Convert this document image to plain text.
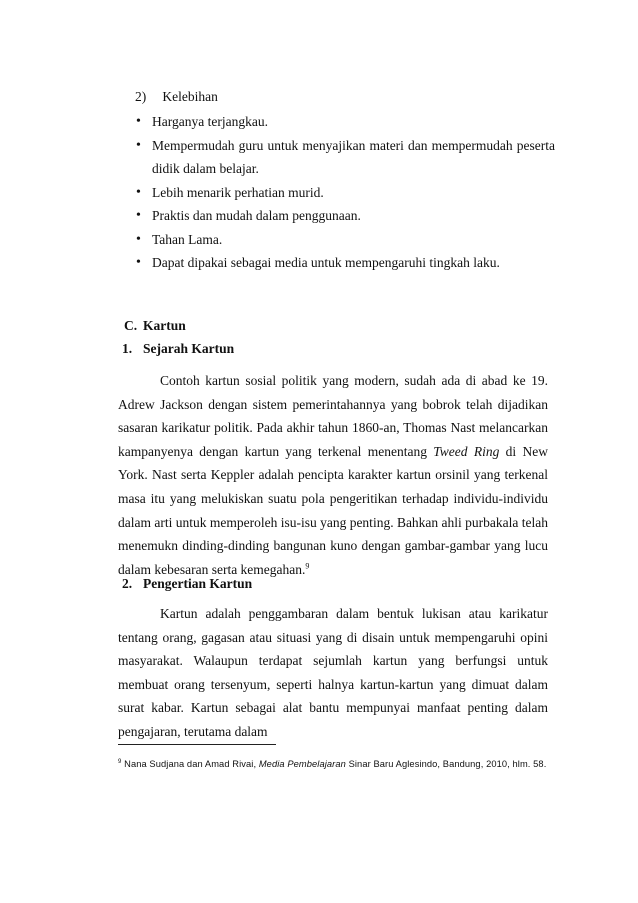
2) Kelebihan
• Harganya terjangkau.
• Mempermudah guru untuk menyajikan materi dan mempermudah peserta didik dalam belajar.
• Lebih menarik perhatian murid.
• Praktis dan mudah dalam penggunaan.
• Tahan Lama.
• Dapat dipakai sebagai media untuk mempengaruhi tingkah laku.
C. Kartun
1. Sejarah Kartun

Contoh kartun sosial politik yang modern, sudah ada di abad ke 19. Adrew Jackson dengan sistem pemerintahannya yang bobrok telah dijadikan sasaran karikatur politik. Pada akhir tahun 1860-an, Thomas Nast melancarkan kampanyenya dengan kartun yang terkenal menentang Tweed Ring di New York. Nast serta Keppler adalah pencipta karakter kartun orsinil yang terkenal masa itu yang melukiskan suatu pola pengeritikan terhadap individu-individu dalam arti untuk memperoleh isu-isu yang penting. Bahkan ahli purbakala telah menemukn dinding-dinding bangunan kuno dengan gambar-gambar yang lucu dalam kebesaran serta kemegahan.$^9$

2. Pengertian Kartun

Kartun adalah penggambaran dalam bentuk lukisan atau karikatur tentang orang, gagasan atau situasi yang di disain untuk mempengaruhi opini masyarakat. Walaupun terdapat sejumlah kartun yang berfungsi untuk membuat orang tersenyum, seperti halnya kartun-kartun yang dimuat dalam surat kabar. Kartun sebagai alat bantu mempunyai manfaat penting dalam pengajaran, terutama dalam

$^9$ Nana Sudjana dan Amad Rivai, Media Pembelajaran Sinar Baru Aglesindo, Bandung, 2010, hlm. 58.
